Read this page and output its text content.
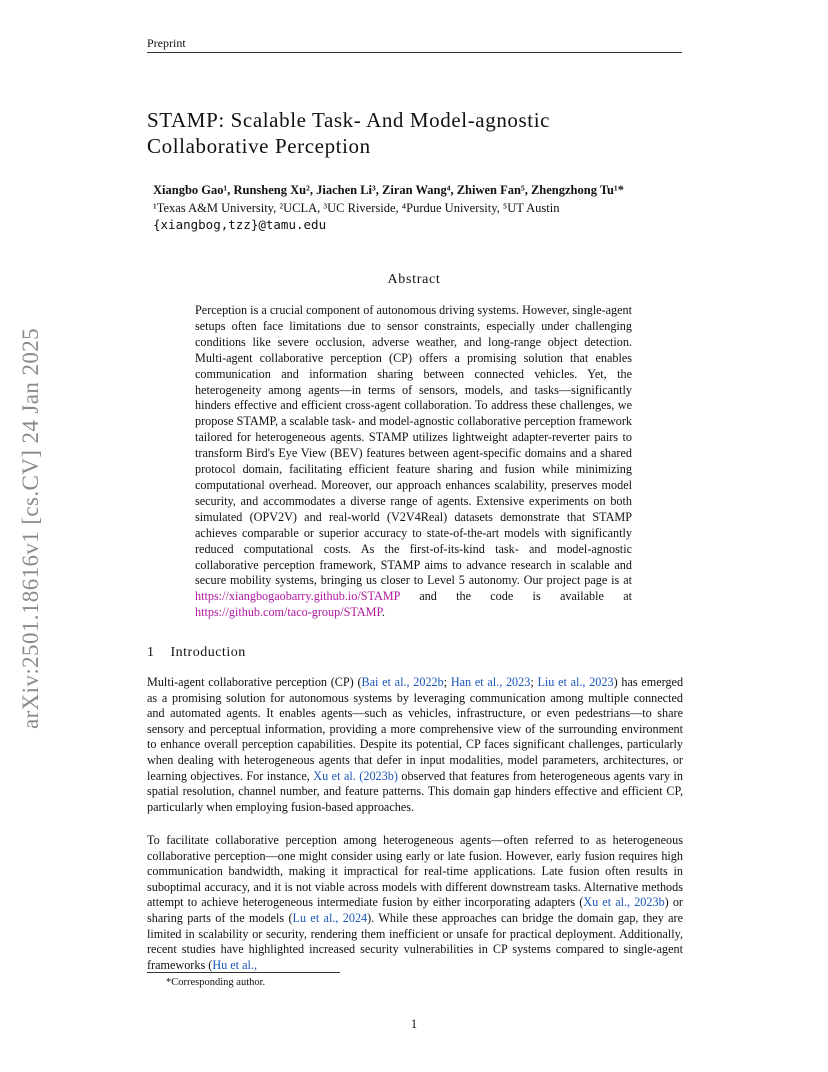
Preprint
arXiv:2501.18616v1 [cs.CV] 24 Jan 2025
STAMP: Scalable Task- And Model-agnostic
Collaborative Perception
Xiangbo Gao¹, Runsheng Xu², Jiachen Li³, Ziran Wang⁴, Zhiwen Fan⁵, Zhengzhong Tu¹*
¹Texas A&M University, ²UCLA, ³UC Riverside, ⁴Purdue University, ⁵UT Austin
{xiangbog,tzz}@tamu.edu
Abstract
Perception is a crucial component of autonomous driving systems. However, single-agent setups often face limitations due to sensor constraints, especially under challenging conditions like severe occlusion, adverse weather, and long-range object detection. Multi-agent collaborative perception (CP) offers a promising solution that enables communication and information sharing between connected vehicles. Yet, the heterogeneity among agents—in terms of sensors, models, and tasks—significantly hinders effective and efficient cross-agent collaboration. To address these challenges, we propose STAMP, a scalable task- and model-agnostic collaborative perception framework tailored for heterogeneous agents. STAMP utilizes lightweight adapter-reverter pairs to transform Bird's Eye View (BEV) features between agent-specific domains and a shared protocol domain, facilitating efficient feature sharing and fusion while minimizing computational overhead. Moreover, our approach enhances scalability, preserves model security, and accommodates a diverse range of agents. Extensive experiments on both simulated (OPV2V) and real-world (V2V4Real) datasets demonstrate that STAMP achieves comparable or superior accuracy to state-of-the-art models with significantly reduced computational costs. As the first-of-its-kind task- and model-agnostic collaborative perception framework, STAMP aims to advance research in scalable and secure mobility systems, bringing us closer to Level 5 autonomy. Our project page is at https://xiangbogaobarry.github.io/STAMP and the code is available at https://github.com/taco-group/STAMP.
1 Introduction
Multi-agent collaborative perception (CP) (Bai et al., 2022b; Han et al., 2023; Liu et al., 2023) has emerged as a promising solution for autonomous systems by leveraging communication among multiple connected and automated agents. It enables agents—such as vehicles, infrastructure, or even pedestrians—to share sensory and perceptual information, providing a more comprehensive view of the surrounding environment to enhance overall perception capabilities. Despite its potential, CP faces significant challenges, particularly when dealing with heterogeneous agents that defer in input modalities, model parameters, architectures, or learning objectives. For instance, Xu et al. (2023b) observed that features from heterogeneous agents vary in spatial resolution, channel number, and feature patterns. This domain gap hinders effective and efficient CP, particularly when employing fusion-based approaches.
To facilitate collaborative perception among heterogeneous agents—often referred to as heterogeneous collaborative perception—one might consider using early or late fusion. However, early fusion requires high communication bandwidth, making it impractical for real-time applications. Late fusion often results in suboptimal accuracy, and it is not viable across models with different downstream tasks. Alternative methods attempt to achieve heterogeneous intermediate fusion by either incorporating adapters (Xu et al., 2023b) or sharing parts of the models (Lu et al., 2024). While these approaches can bridge the domain gap, they are limited in scalability or security, rendering them inefficient or unsafe for practical deployment. Additionally, recent studies have highlighted increased security vulnerabilities in CP systems compared to single-agent frameworks (Hu et al.,
*Corresponding author.
1
